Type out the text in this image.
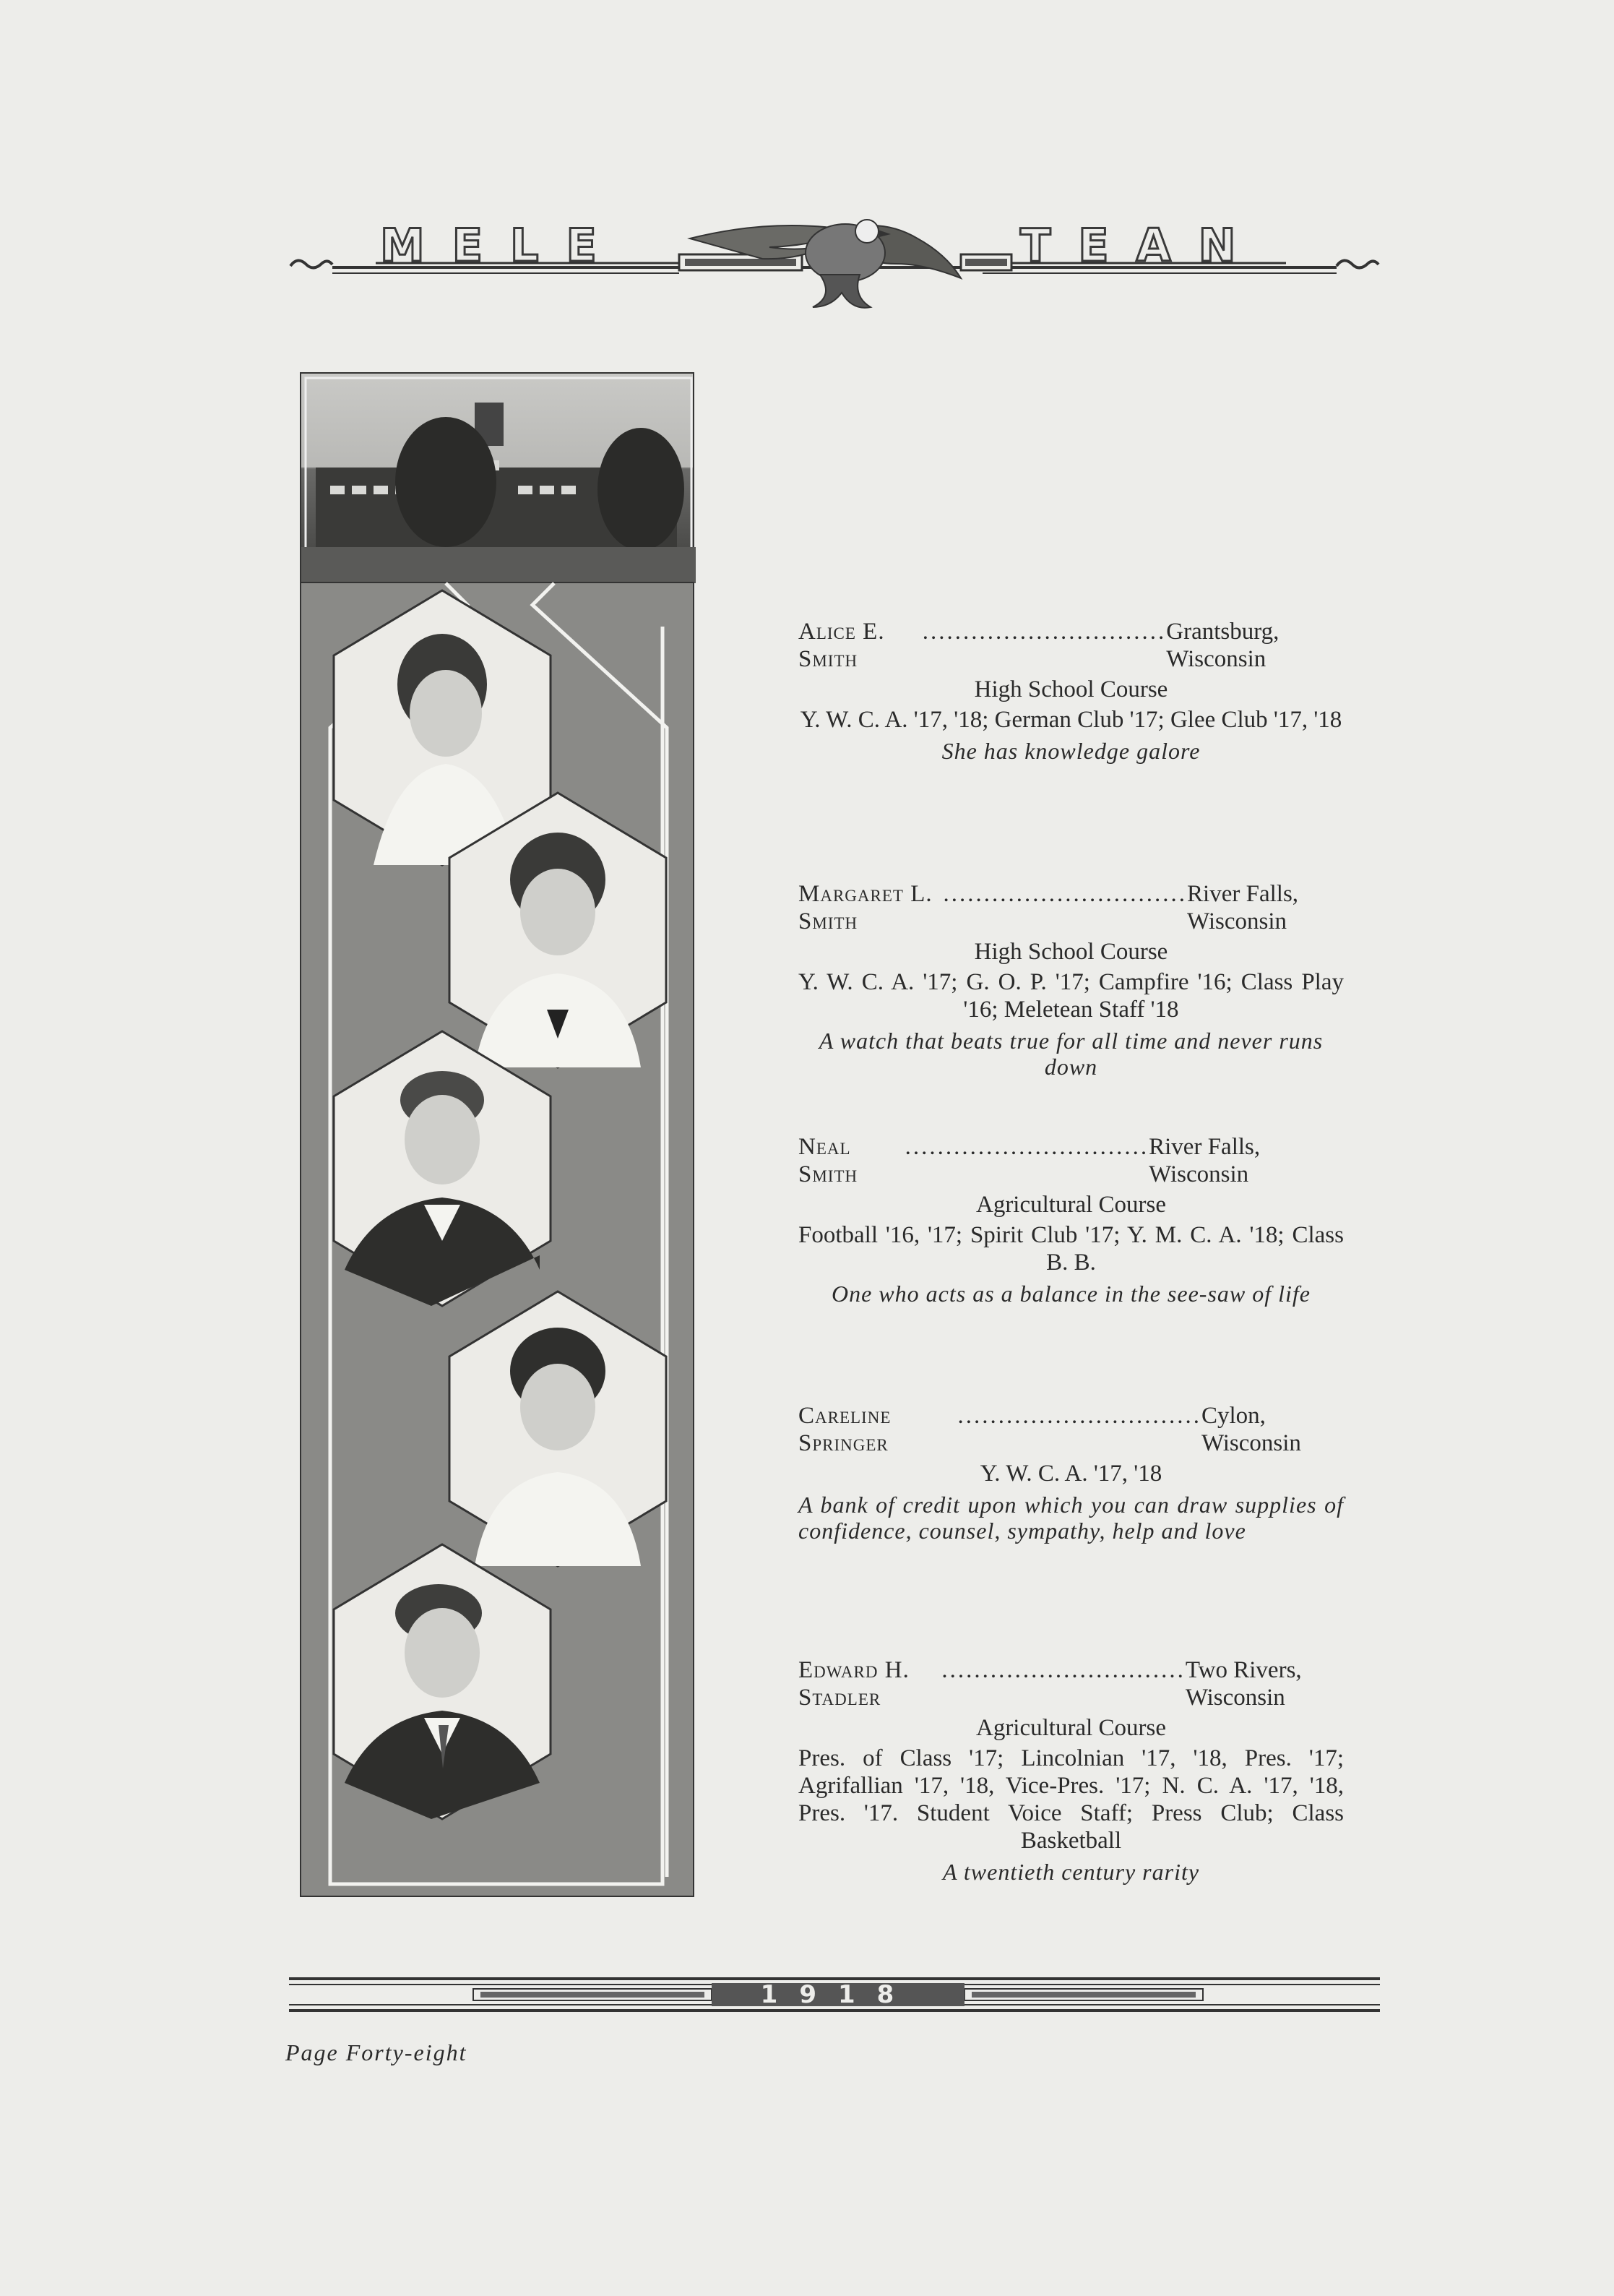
MELE	TEAN
Alice E. Smith
.............................. Grantsburg, Wisconsin
High School Course
Y. W. C. A. '17, '18; German Club '17; Glee Club '17, '18
She has knowledge galore
Margaret L. Smith
.............................. River Falls, Wisconsin
High School Course
Y. W. C. A. '17; G. O. P. '17; Campfire '16; Class Play '16; Meletean Staff '18
A watch that beats true for all time and never runs down
Neal Smith
.............................. River Falls, Wisconsin
Agricultural Course
Football '16, '17; Spirit Club '17; Y. M. C. A. '18; Class B. B.
One who acts as a balance in the see-saw of life
Careline Springer
.............................. Cylon, Wisconsin
Y. W. C. A. '17, '18
A bank of credit upon which you can draw supplies of confidence, counsel, sympathy, help and love
Edward H. Stadler
.............................. Two Rivers, Wisconsin
Agricultural Course
Pres. of Class '17; Lincolnian '17, '18, Pres. '17; Agrifallian '17, '18, Vice-Pres. '17; N. C. A. '17, '18, Pres. '17. Student Voice Staff; Press Club; Class Basketball
A twentieth century rarity
1918
Page Forty-eight
